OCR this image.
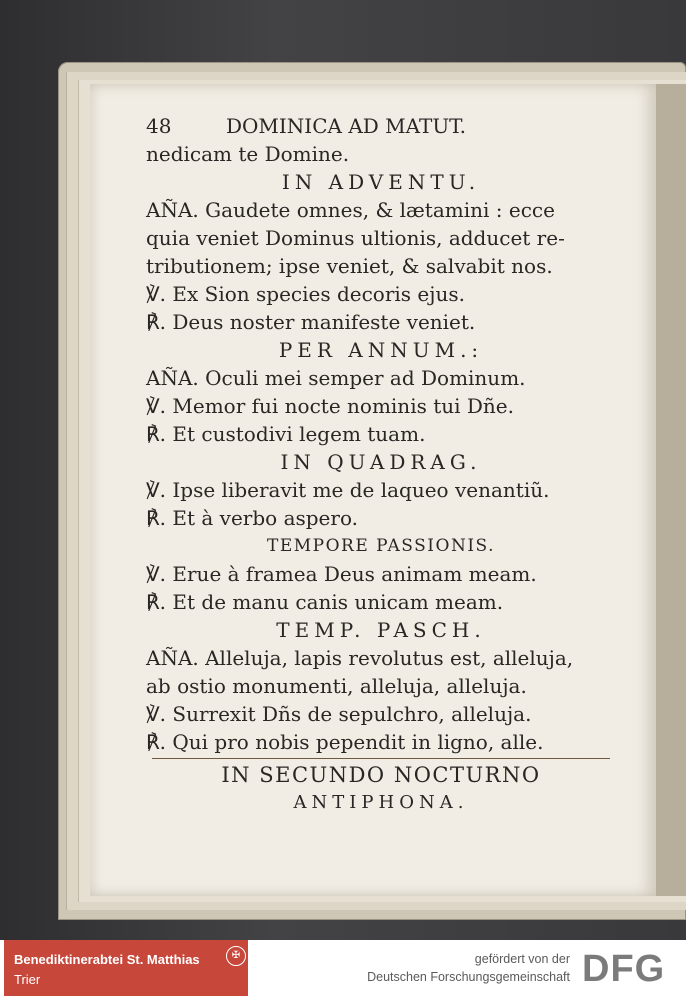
48	DOMINICA AD MATUT.
nedicam te Domine.
IN ADVENTU.
AÑA. Gaudete omnes, & lætamini : ecce
quia veniet Dominus ultionis, adducet re-
tributionem; ipse veniet, & salvabit nos.
℣. Ex Sion species decoris ejus.
℟. Deus noster manifeste veniet.
PER ANNUM.:
AÑA. Oculi mei semper ad Dominum.
℣. Memor fui nocte nominis tui Dñe.
℟. Et custodivi legem tuam.
IN QUADRAG.
℣. Ipse liberavit me de laqueo venantiũ.
℟. Et à verbo aspero.
TEMPORE PASSIONIS.
℣. Erue à framea Deus animam meam.
℟. Et de manu canis unicam meam.
TEMP. PASCH.
AÑA. Alleluja, lapis revolutus est, alleluja,
ab ostio monumenti, alleluja, alleluja.
℣. Surrexit Dñs de sepulchro, alleluja.
℟. Qui pro nobis pependit in ligno, alle.
IN SECUNDO NOCTURNO
ANTIPHONA.
Benediktinerabtei St. Matthias
Trier
✠	gefördert von der
Deutschen Forschungsgemeinschaft DFG
